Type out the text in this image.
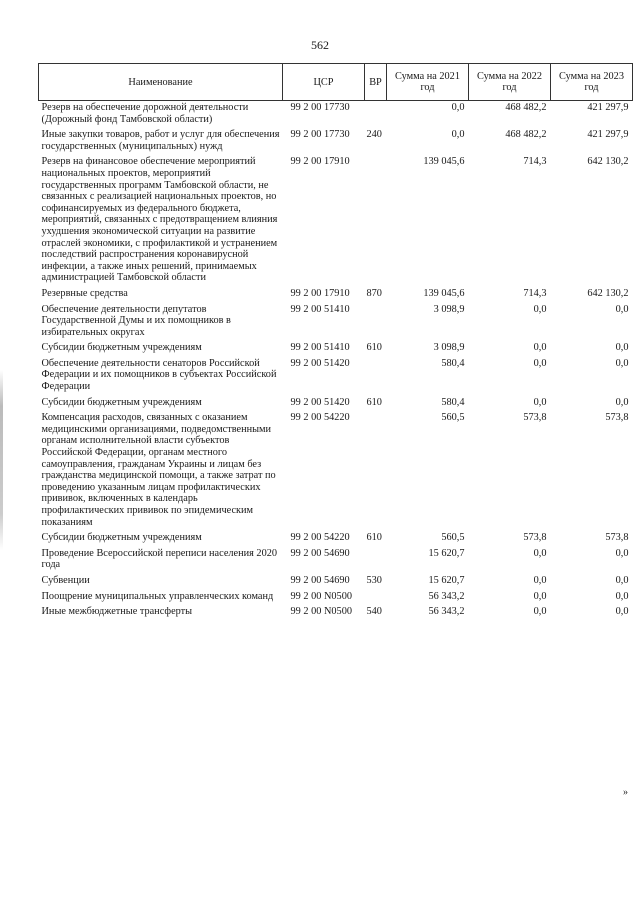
562
Наименование	ЦСР	ВР	Сумма на 2021 год	Сумма на 2022 год	Сумма на 2023 год
Резерв на обеспечение дорожной деятельности (Дорожный фонд Тамбовской области)	99 2 00 17730		0,0	468 482,2	421 297,9
Иные закупки товаров, работ и услуг для обеспечения государственных (муниципальных) нужд	99 2 00 17730	240	0,0	468 482,2	421 297,9
Резерв на финансовое обеспечение мероприятий национальных проектов, мероприятий государственных программ Тамбовской области, не связанных с реализацией национальных проектов, но софинансируемых из федерального бюджета, мероприятий, связанных с предотвращением влияния ухудшения экономической ситуации на развитие отраслей экономики, с профилактикой и устранением последствий распространения коронавирусной инфекции, а также иных решений, принимаемых администрацией Тамбовской области	99 2 00 17910		139 045,6	714,3	642 130,2
Резервные средства	99 2 00 17910	870	139 045,6	714,3	642 130,2
Обеспечение деятельности депутатов Государственной Думы и их помощников в избирательных округах	99 2 00 51410		3 098,9	0,0	0,0
Субсидии бюджетным учреждениям	99 2 00 51410	610	3 098,9	0,0	0,0
Обеспечение деятельности сенаторов Российской Федерации и их помощников в субъектах Российской Федерации	99 2 00 51420		580,4	0,0	0,0
Субсидии бюджетным учреждениям	99 2 00 51420	610	580,4	0,0	0,0
Компенсация расходов, связанных с оказанием медицинскими организациями, подведомственными органам исполнительной власти субъектов Российской Федерации, органам местного самоуправления, гражданам Украины и лицам без гражданства медицинской помощи, а также затрат по проведению указанным лицам профилактических прививок, включенных в календарь профилактических прививок по эпидемическим показаниям	99 2 00 54220		560,5	573,8	573,8
Субсидии бюджетным учреждениям	99 2 00 54220	610	560,5	573,8	573,8
Проведение Всероссийской переписи населения 2020 года	99 2 00 54690		15 620,7	0,0	0,0
Субвенции	99 2 00 54690	530	15 620,7	0,0	0,0
Поощрение муниципальных управленческих команд	99 2 00 N0500		56 343,2	0,0	0,0
Иные межбюджетные трансферты	99 2 00 N0500	540	56 343,2	0,0	0,0
»
